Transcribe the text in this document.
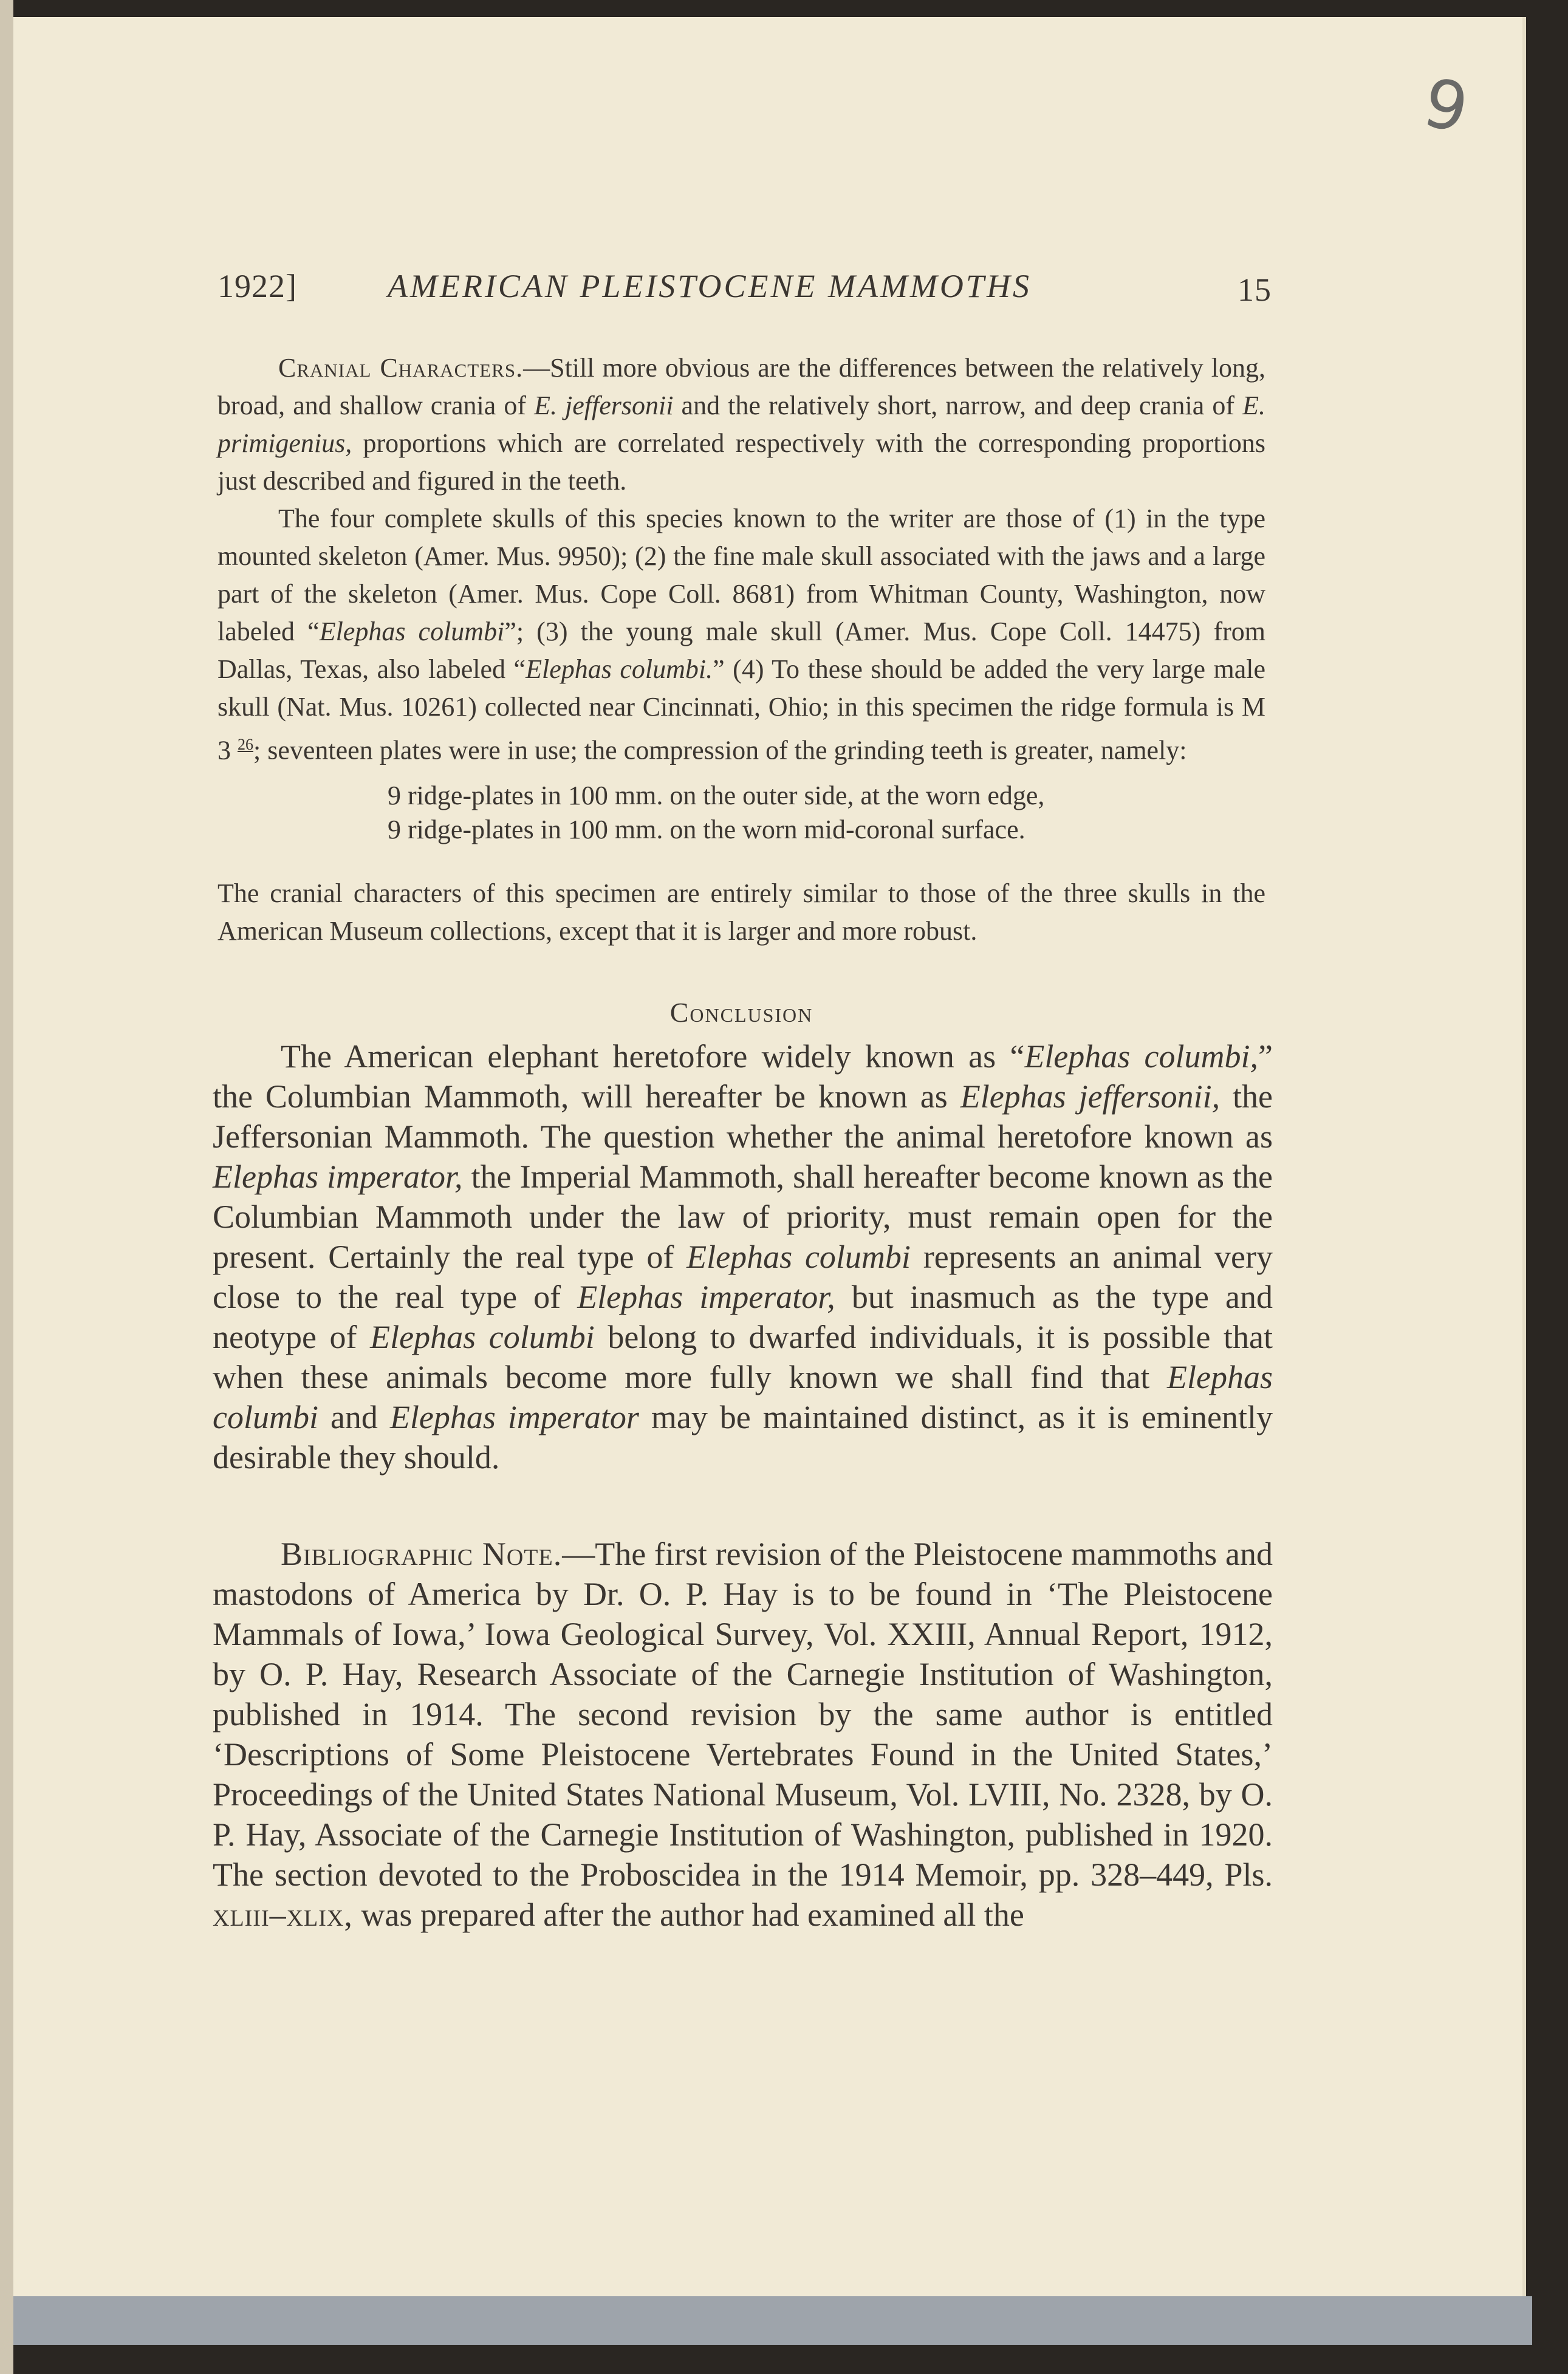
9
1922]	AMERICAN PLEISTOCENE MAMMOTHS	15

Cranial Characters.—Still more obvious are the differences between the relatively long, broad, and shallow crania of E. jeffersonii and the relatively short, narrow, and deep crania of E. primigenius, proportions which are correlated respectively with the corresponding proportions just described and figured in the teeth.

The four complete skulls of this species known to the writer are those of (1) in the type mounted skeleton (Amer. Mus. 9950); (2) the fine male skull associated with the jaws and a large part of the skeleton (Amer. Mus. Cope Coll. 8681) from Whitman County, Washington, now labeled “Elephas columbi”; (3) the young male skull (Amer. Mus. Cope Coll. 14475) from Dallas, Texas, also labeled “Elephas columbi.” (4) To these should be added the very large male skull (Nat. Mus. 10261) collected near Cincinnati, Ohio; in this specimen the ridge formula is M 3 $^{26}$; seventeen plates were in use; the compression of the grinding teeth is greater, namely:

9 ridge-plates in 100 mm. on the outer side, at the worn edge,
9 ridge-plates in 100 mm. on the worn mid-coronal surface.

The cranial characters of this specimen are entirely similar to those of the three skulls in the American Museum collections, except that it is larger and more robust.

Conclusion

The American elephant heretofore widely known as “Elephas columbi,” the Columbian Mammoth, will hereafter be known as Elephas jeffersonii, the Jeffersonian Mammoth. The question whether the animal heretofore known as Elephas imperator, the Imperial Mammoth, shall hereafter become known as the Columbian Mammoth under the law of priority, must remain open for the present. Certainly the real type of Elephas columbi represents an animal very close to the real type of Elephas imperator, but inasmuch as the type and neotype of Elephas columbi belong to dwarfed individuals, it is possible that when these animals become more fully known we shall find that Elephas columbi and Elephas imperator may be maintained distinct, as it is eminently desirable they should.

Bibliographic Note.—The first revision of the Pleistocene mammoths and mastodons of America by Dr. O. P. Hay is to be found in ‘The Pleistocene Mammals of Iowa,’ Iowa Geological Survey, Vol. XXIII, Annual Report, 1912, by O. P. Hay, Research Associate of the Carnegie Institution of Washington, published in 1914. The second revision by the same author is entitled ‘Descriptions of Some Pleistocene Vertebrates Found in the United States,’ Proceedings of the United States National Museum, Vol. LVIII, No. 2328, by O. P. Hay, Associate of the Carnegie Institution of Washington, published in 1920. The section devoted to the Proboscidea in the 1914 Memoir, pp. 328–449, Pls. xliii–xlix, was prepared after the author had examined all the
